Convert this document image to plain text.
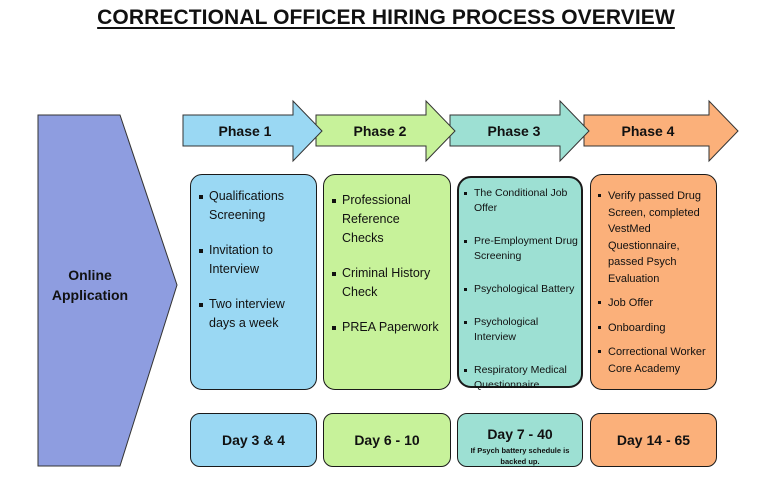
CORRECTIONAL OFFICER HIRING PROCESS OVERVIEW
Phase 1	Phase 2	Phase 3	Phase 4
Online
Application
Qualifications Screening
Invitation to Interview
Two interview days a week
Professional Reference Checks
Criminal History Check
PREA Paperwork
The Conditional Job Offer
Pre-Employment Drug Screening
Psychological Battery
Psychological Interview
Respiratory Medical Questionnaire
Verify passed Drug Screen, completed VestMed Questionnaire, passed Psych Evaluation
Job Offer
Onboarding
Correctional Worker Core Academy
Day 3 & 4	Day 6 - 10	Day 7 - 40
If Psych battery schedule is backed up.
Day 14 - 65
